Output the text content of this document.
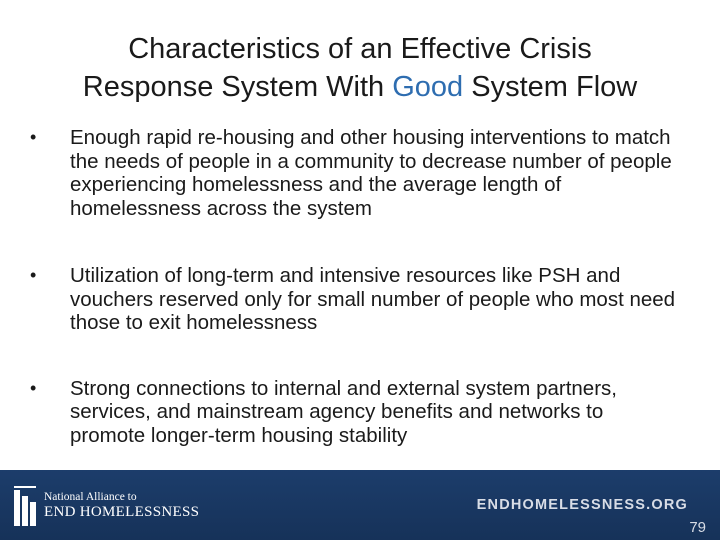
Characteristics of an Effective Crisis
Response System With Good System Flow
• Enough rapid re-housing and other housing interventions to match the needs of people in a community to decrease number of people experiencing homelessness and the average length of homelessness across the system
• Utilization of long-term and intensive resources like PSH and vouchers reserved only for small number of people who most need those to exit homelessness
• Strong connections to internal and external system partners, services, and mainstream agency benefits and networks to promote longer-term housing stability
National Alliance to
END HOMELESSNESS	ENDHOMELESSNESS.ORG
79
